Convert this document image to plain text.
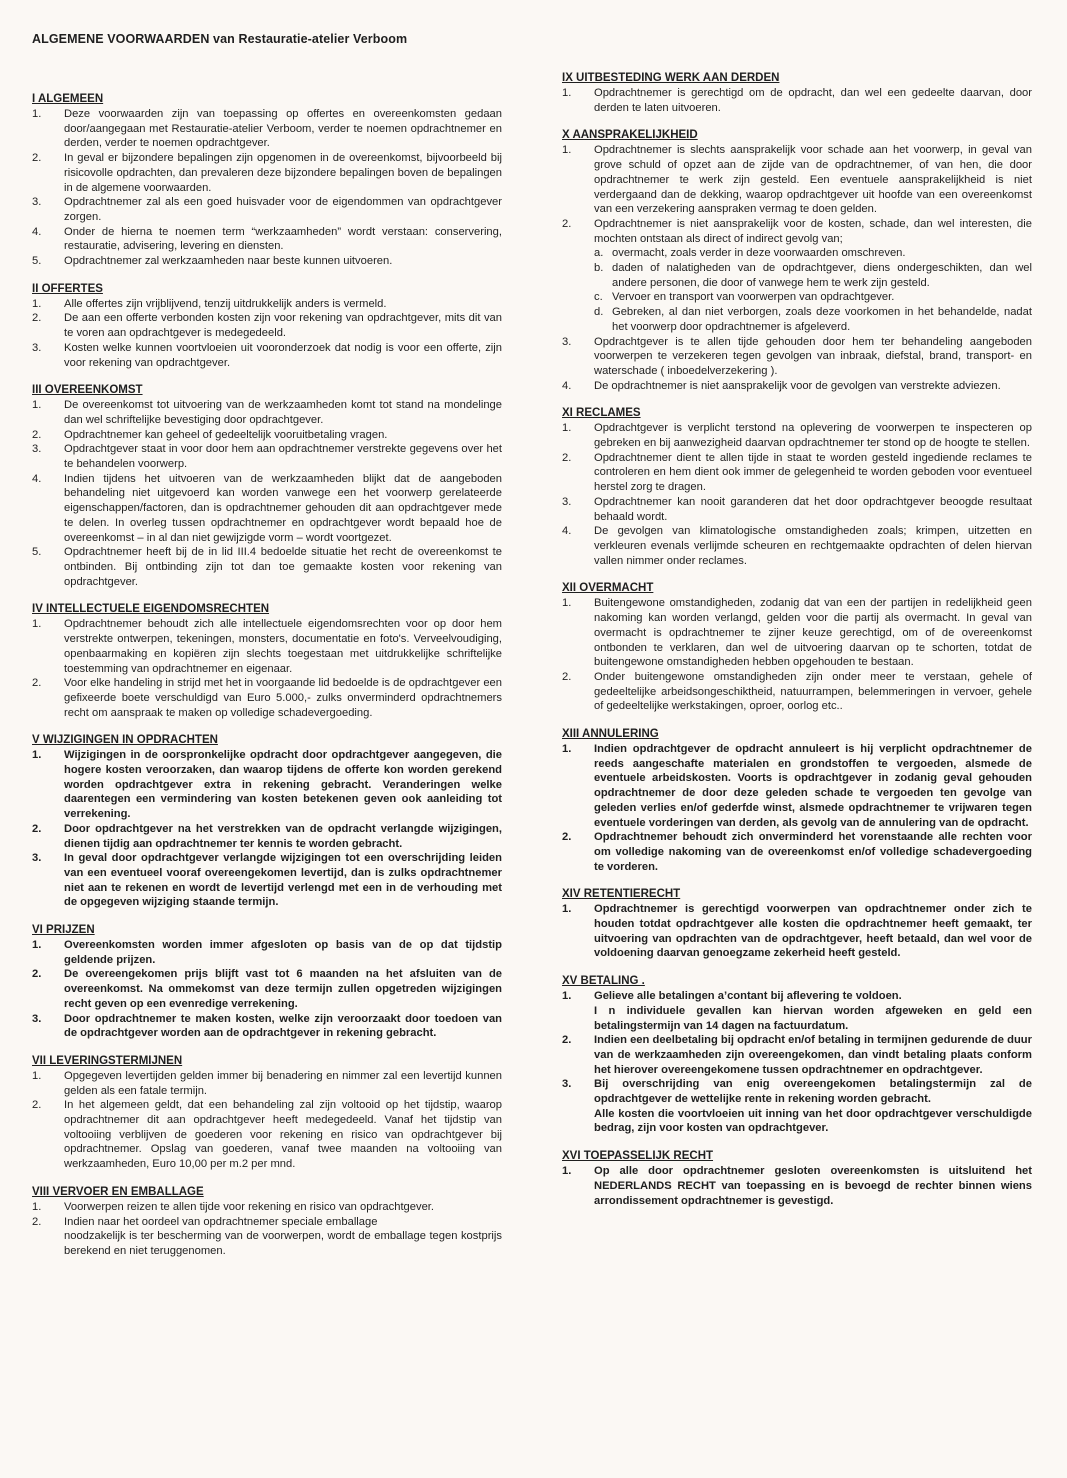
ALGEMENE VOORWAARDEN van Restauratie-atelier Verboom
I ALGEMEEN
1.	Deze voorwaarden zijn van toepassing op offertes en overeenkomsten gedaan door/aangegaan met Restauratie-atelier Verboom, verder te noemen opdrachtnemer en derden, verder te noemen opdrachtgever.
2.	In geval er bijzondere bepalingen zijn opgenomen in de overeenkomst, bijvoorbeeld bij risicovolle opdrachten, dan prevaleren deze bijzondere bepalingen boven de bepalingen in de algemene voorwaarden.
3.	Opdrachtnemer zal als een goed huisvader voor de eigendommen van opdrachtgever zorgen.
4.	Onder de hierna te noemen term “werkzaamheden” wordt verstaan: conservering, restauratie, advisering, levering en diensten.
5.	Opdrachtnemer zal werkzaamheden naar beste kunnen uitvoeren.
II OFFERTES
1.	Alle offertes zijn vrijblijvend, tenzij uitdrukkelijk anders is vermeld.
2.	De aan een offerte verbonden kosten zijn voor rekening van opdrachtgever, mits dit van te voren aan opdrachtgever is medegedeeld.
3.	Kosten welke kunnen voortvloeien uit vooronderzoek dat nodig is voor een offerte, zijn voor rekening van opdrachtgever.
III OVEREENKOMST
1.	De overeenkomst tot uitvoering van de werkzaamheden komt tot stand na mondelinge dan wel schriftelijke bevestiging door opdrachtgever.
2.	Opdrachtnemer kan geheel of gedeeltelijk vooruitbetaling vragen.
3.	Opdrachtgever staat in voor door hem aan opdrachtnemer verstrekte gegevens over het te behandelen voorwerp.
4.	Indien tijdens het uitvoeren van de werkzaamheden blijkt dat de aangeboden behandeling niet uitgevoerd kan worden vanwege een het voorwerp gerelateerde eigenschappen/factoren, dan is opdrachtnemer gehouden dit aan opdrachtgever mede te delen. In overleg tussen opdrachtnemer en opdrachtgever wordt bepaald hoe de overeenkomst – in al dan niet gewijzigde vorm – wordt voortgezet.
5.	Opdrachtnemer heeft bij de in lid III.4 bedoelde situatie het recht de overeenkomst te ontbinden. Bij ontbinding zijn tot dan toe gemaakte kosten voor rekening van opdrachtgever.
IV INTELLECTUELE EIGENDOMSRECHTEN
1.	Opdrachtnemer behoudt zich alle intellectuele eigendomsrechten voor op door hem verstrekte ontwerpen, tekeningen, monsters, documentatie en foto's. Verveelvoudiging, openbaarmaking en kopiëren zijn slechts toegestaan met uitdrukkelijke schriftelijke toestemming van opdrachtnemer en eigenaar.
2.	Voor elke handeling in strijd met het in voorgaande lid bedoelde is de opdrachtgever een gefixeerde boete verschuldigd van Euro 5.000,- zulks onverminderd opdrachtnemers recht om aanspraak te maken op volledige schadevergoeding.
V WIJZIGINGEN IN OPDRACHTEN
1.	Wijzigingen in de oorspronkelijke opdracht door opdrachtgever aangegeven, die hogere kosten veroorzaken, dan waarop tijdens de offerte kon worden gerekend worden opdrachtgever extra in rekening gebracht. Veranderingen welke daarentegen een vermindering van kosten betekenen geven ook aanleiding tot verrekening.
2.	Door opdrachtgever na het verstrekken van de opdracht verlangde wijzigingen, dienen tijdig aan opdrachtnemer ter kennis te worden gebracht.
3.	In geval door opdrachtgever verlangde wijzigingen tot een overschrijding leiden van een eventueel vooraf overeengekomen levertijd, dan is zulks opdrachtnemer niet aan te rekenen en wordt de levertijd verlengd met een in de verhouding met de opgegeven wijziging staande termijn.
VI PRIJZEN
1.	Overeenkomsten worden immer afgesloten op basis van de op dat tijdstip geldende prijzen.
2.	De overeengekomen prijs blijft vast tot 6 maanden na het afsluiten van de overeenkomst. Na ommekomst van deze termijn zullen opgetreden wijzigingen recht geven op een evenredige verrekening.
3.	Door opdrachtnemer te maken kosten, welke zijn veroorzaakt door toedoen van de opdrachtgever worden aan de opdrachtgever in rekening gebracht.
VII LEVERINGSTERMIJNEN
1.	Opgegeven levertijden gelden immer bij benadering en nimmer zal een levertijd kunnen gelden als een fatale termijn.
2.	In het algemeen geldt, dat een behandeling zal zijn voltooid op het tijdstip, waarop opdrachtnemer dit aan opdrachtgever heeft medegedeeld. Vanaf het tijdstip van voltooiing verblijven de goederen voor rekening en risico van opdrachtgever bij opdrachtnemer. Opslag van goederen, vanaf twee maanden na voltooiing van werkzaamheden, Euro 10,00 per m.2 per mnd.
VIII VERVOER EN EMBALLAGE
1.	Voorwerpen reizen te allen tijde voor rekening en risico van opdrachtgever.
2.	Indien naar het oordeel van opdrachtnemer speciale emballage
noodzakelijk is ter bescherming van de voorwerpen, wordt de emballage tegen kostprijs berekend en niet teruggenomen.
IX UITBESTEDING WERK AAN DERDEN
1.	Opdrachtnemer is gerechtigd om de opdracht, dan wel een gedeelte daarvan, door derden te laten uitvoeren.
X AANSPRAKELIJKHEID
1.	Opdrachtnemer is slechts aansprakelijk voor schade aan het voorwerp, in geval van grove schuld of opzet aan de zijde van de opdrachtnemer, of van hen, die door opdrachtnemer te werk zijn gesteld. Een eventuele aansprakelijkheid is niet verdergaand dan de dekking, waarop opdrachtgever uit hoofde van een overeenkomst van een verzekering aanspraken vermag te doen gelden.
2.	Opdrachtnemer is niet aansprakelijk voor de kosten, schade, dan wel interesten, die mochten ontstaan als direct of indirect gevolg van;
a. overmacht, zoals verder in deze voorwaarden omschreven.
b. daden of nalatigheden van de opdrachtgever, diens ondergeschikten, dan wel andere personen, die door of vanwege hem te werk zijn gesteld.
c. Vervoer en transport van voorwerpen van opdrachtgever.
d. Gebreken, al dan niet verborgen, zoals deze voorkomen in het behandelde, nadat het voorwerp door opdrachtnemer is afgeleverd.
3.	Opdrachtgever is te allen tijde gehouden door hem ter behandeling aangeboden voorwerpen te verzekeren tegen gevolgen van inbraak, diefstal, brand, transport- en waterschade ( inboedelverzekering ).
4.	De opdrachtnemer is niet aansprakelijk voor de gevolgen van verstrekte adviezen.
XI RECLAMES
1.	Opdrachtgever is verplicht terstond na oplevering de voorwerpen te inspecteren op gebreken en bij aanwezigheid daarvan opdrachtnemer ter stond op de hoogte te stellen.
2.	Opdrachtnemer dient te allen tijde in staat te worden gesteld ingediende reclames te controleren en hem dient ook immer de gelegenheid te worden geboden voor eventueel herstel zorg te dragen.
3.	Opdrachtnemer kan nooit garanderen dat het door opdrachtgever beoogde resultaat behaald wordt.
4.	De gevolgen van klimatologische omstandigheden zoals; krimpen, uitzetten en verkleuren evenals verlijmde scheuren en rechtgemaakte opdrachten of delen hiervan vallen nimmer onder reclames.
XII OVERMACHT
1.	Buitengewone omstandigheden, zodanig dat van een der partijen in redelijkheid geen nakoming kan worden verlangd, gelden voor die partij als overmacht. In geval van overmacht is opdrachtnemer te zijner keuze gerechtigd, om of de overeenkomst ontbonden te verklaren, dan wel de uitvoering daarvan op te schorten, totdat de buitengewone omstandigheden hebben opgehouden te bestaan.
2.	Onder buitengewone omstandigheden zijn onder meer te verstaan, gehele of gedeeltelijke arbeidsongeschiktheid, natuurrampen, belemmeringen in vervoer, gehele of gedeeltelijke werkstakingen, oproer, oorlog etc..
XIII ANNULERING
1.	Indien opdrachtgever de opdracht annuleert is hij verplicht opdrachtnemer de reeds aangeschafte materialen en grondstoffen te vergoeden, alsmede de eventuele arbeidskosten. Voorts is opdrachtgever in zodanig geval gehouden opdrachtnemer de door deze geleden schade te vergoeden ten gevolge van geleden verlies en/of gederfde winst, alsmede opdrachtnemer te vrijwaren tegen eventuele vorderingen van derden, als gevolg van de annulering van de opdracht.
2.	Opdrachtnemer behoudt zich onverminderd het vorenstaande alle rechten voor om volledige nakoming van de overeenkomst en/of volledige schadevergoeding te vorderen.
XIV RETENTIERECHT
1.	Opdrachtnemer is gerechtigd voorwerpen van opdrachtnemer onder zich te houden totdat opdrachtgever alle kosten die opdrachtnemer heeft gemaakt, ter uitvoering van opdrachten van de opdrachtgever, heeft betaald, dan wel voor de voldoening daarvan genoegzame zekerheid heeft gesteld.
XV BETALING .
1.	Gelieve alle betalingen a’contant bij aflevering te voldoen.
I n individuele gevallen kan hiervan worden afgeweken en geld een betalingstermijn van 14 dagen na factuurdatum.
2.	Indien een deelbetaling bij opdracht en/of betaling in termijnen gedurende de duur van de werkzaamheden zijn overeengekomen, dan vindt betaling plaats conform het hierover overeengekomene tussen opdrachtnemer en opdrachtgever.
3.	Bij overschrijding van enig overeengekomen betalingstermijn zal de opdrachtgever de wettelijke rente in rekening worden gebracht.
Alle kosten die voortvloeien uit inning van het door opdrachtgever verschuldigde bedrag, zijn voor kosten van opdrachtgever.
XVI TOEPASSELIJK RECHT
1.	Op alle door opdrachtnemer gesloten overeenkomsten is uitsluitend het NEDERLANDS RECHT van toepassing en is bevoegd de rechter binnen wiens arrondissement opdrachtnemer is gevestigd.
